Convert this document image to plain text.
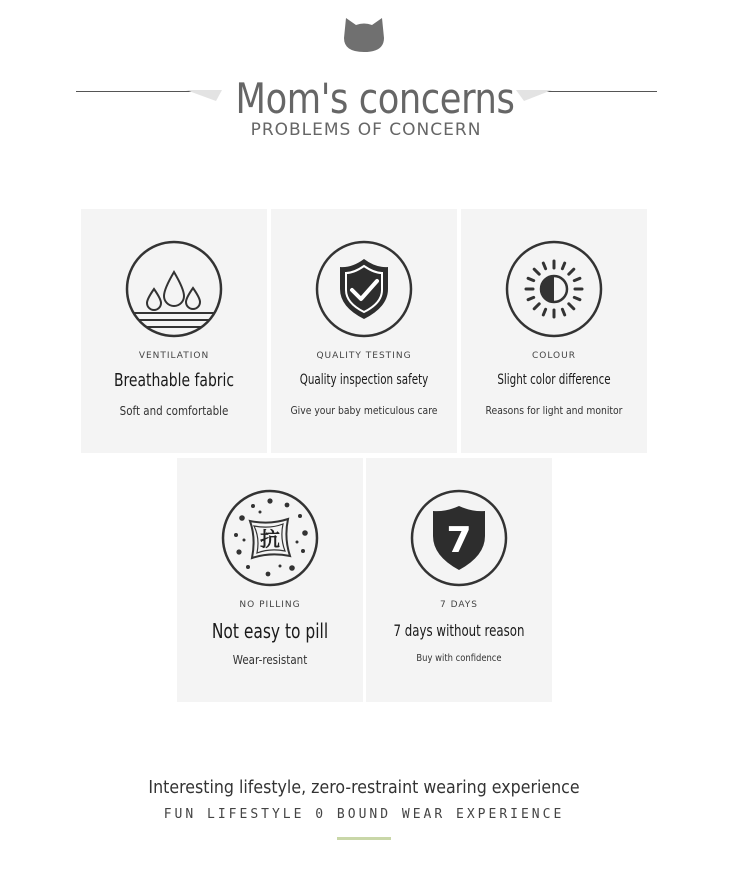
Mom's concerns
PROBLEMS OF CONCERN
VENTILATION
Breathable fabric
Soft and comfortable
QUALITY TESTING
Quality inspection safety
Give your baby meticulous care
COLOUR
Slight color difference
Reasons for light and monitor
抗
NO PILLING
Not easy to pill
Wear-resistant
7
7 DAYS
7 days without reason
Buy with confidence
Interesting lifestyle, zero-restraint wearing experience
FUN LIFESTYLE 0 BOUND WEAR EXPERIENCE
